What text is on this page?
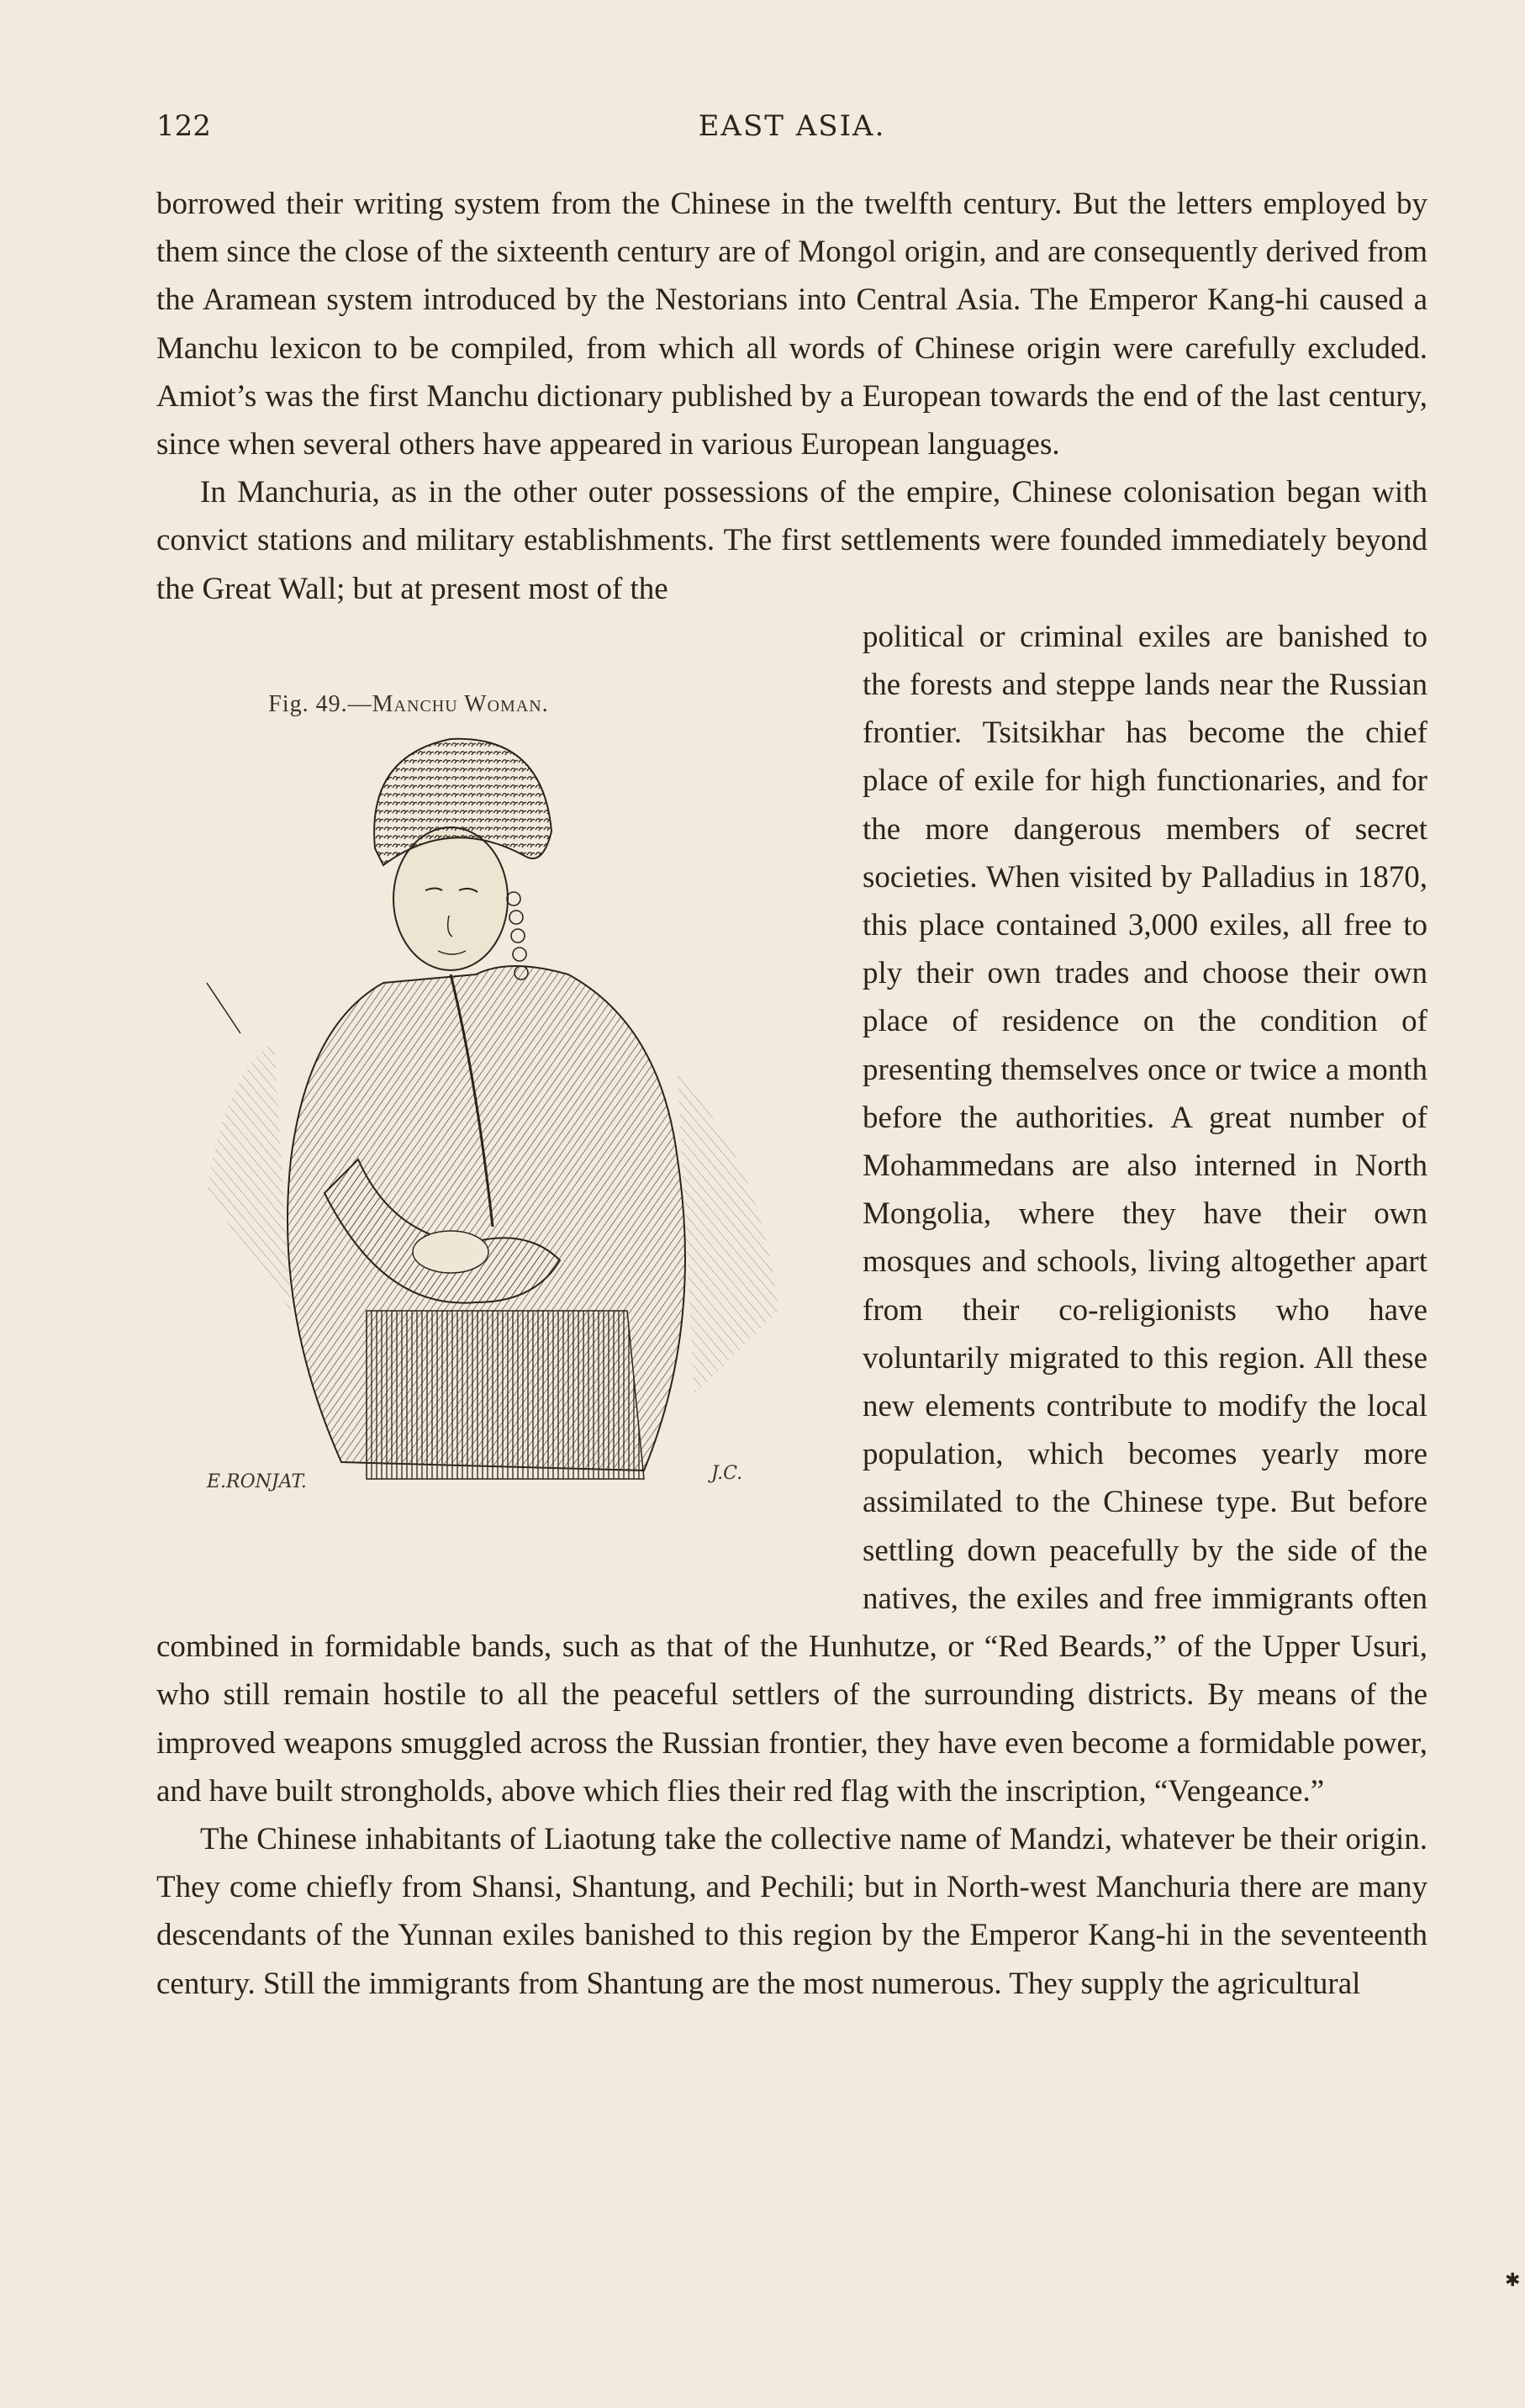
122	EAST ASIA.

borrowed their writing system from the Chinese in the twelfth century. But the letters employed by them since the close of the sixteenth century are of Mongol origin, and are consequently derived from the Aramean system introduced by the Nestorians into Central Asia. The Emperor Kang-hi caused a Manchu lexicon to be compiled, from which all words of Chinese origin were carefully excluded. Amiot’s was the first Manchu dictionary published by a European towards the end of the last century, since when several others have appeared in various European languages.

In Manchuria, as in the other outer possessions of the empire, Chinese colonisation began with convict stations and military establishments. The first settlements were founded immediately beyond the Great Wall; but at present most of the

Fig. 49.—Manchu Woman.
E.RONJAT.	J.C.

political or criminal exiles are banished to the forests and steppe lands near the Russian frontier. Tsitsikhar has become the chief place of exile for high functionaries, and for the more dangerous members of secret societies. When visited by Palladius in 1870, this place contained 3,000 exiles, all free to ply their own trades and choose their own place of residence on the condition of presenting themselves once or twice a month before the authorities. A great number of Mohammedans are also interned in North Mongolia, where they have their own mosques and schools, living altogether apart from their co-religionists who have voluntarily migrated to this region. All these new elements contribute to modify the local population, which becomes yearly more assimilated to the Chinese type. But before settling down peacefully by the side of the natives, the exiles and free immigrants often combined in formidable bands, such as that of the Hunhutze, or “Red Beards,” of the Upper Usuri, who still remain hostile to all the peaceful settlers of the surrounding districts. By means of the improved weapons smuggled across the Russian frontier, they have even become a formidable power, and have built strongholds, above which flies their red flag with the inscription, “Vengeance.”

The Chinese inhabitants of Liaotung take the collective name of Mandzi, whatever be their origin. They come chiefly from Shansi, Shantung, and Pechili; but in North-west Manchuria there are many descendants of the Yunnan exiles banished to this region by the Emperor Kang-hi in the seventeenth century. Still the immigrants from Shantung are the most numerous. They supply the agricultural

✱
